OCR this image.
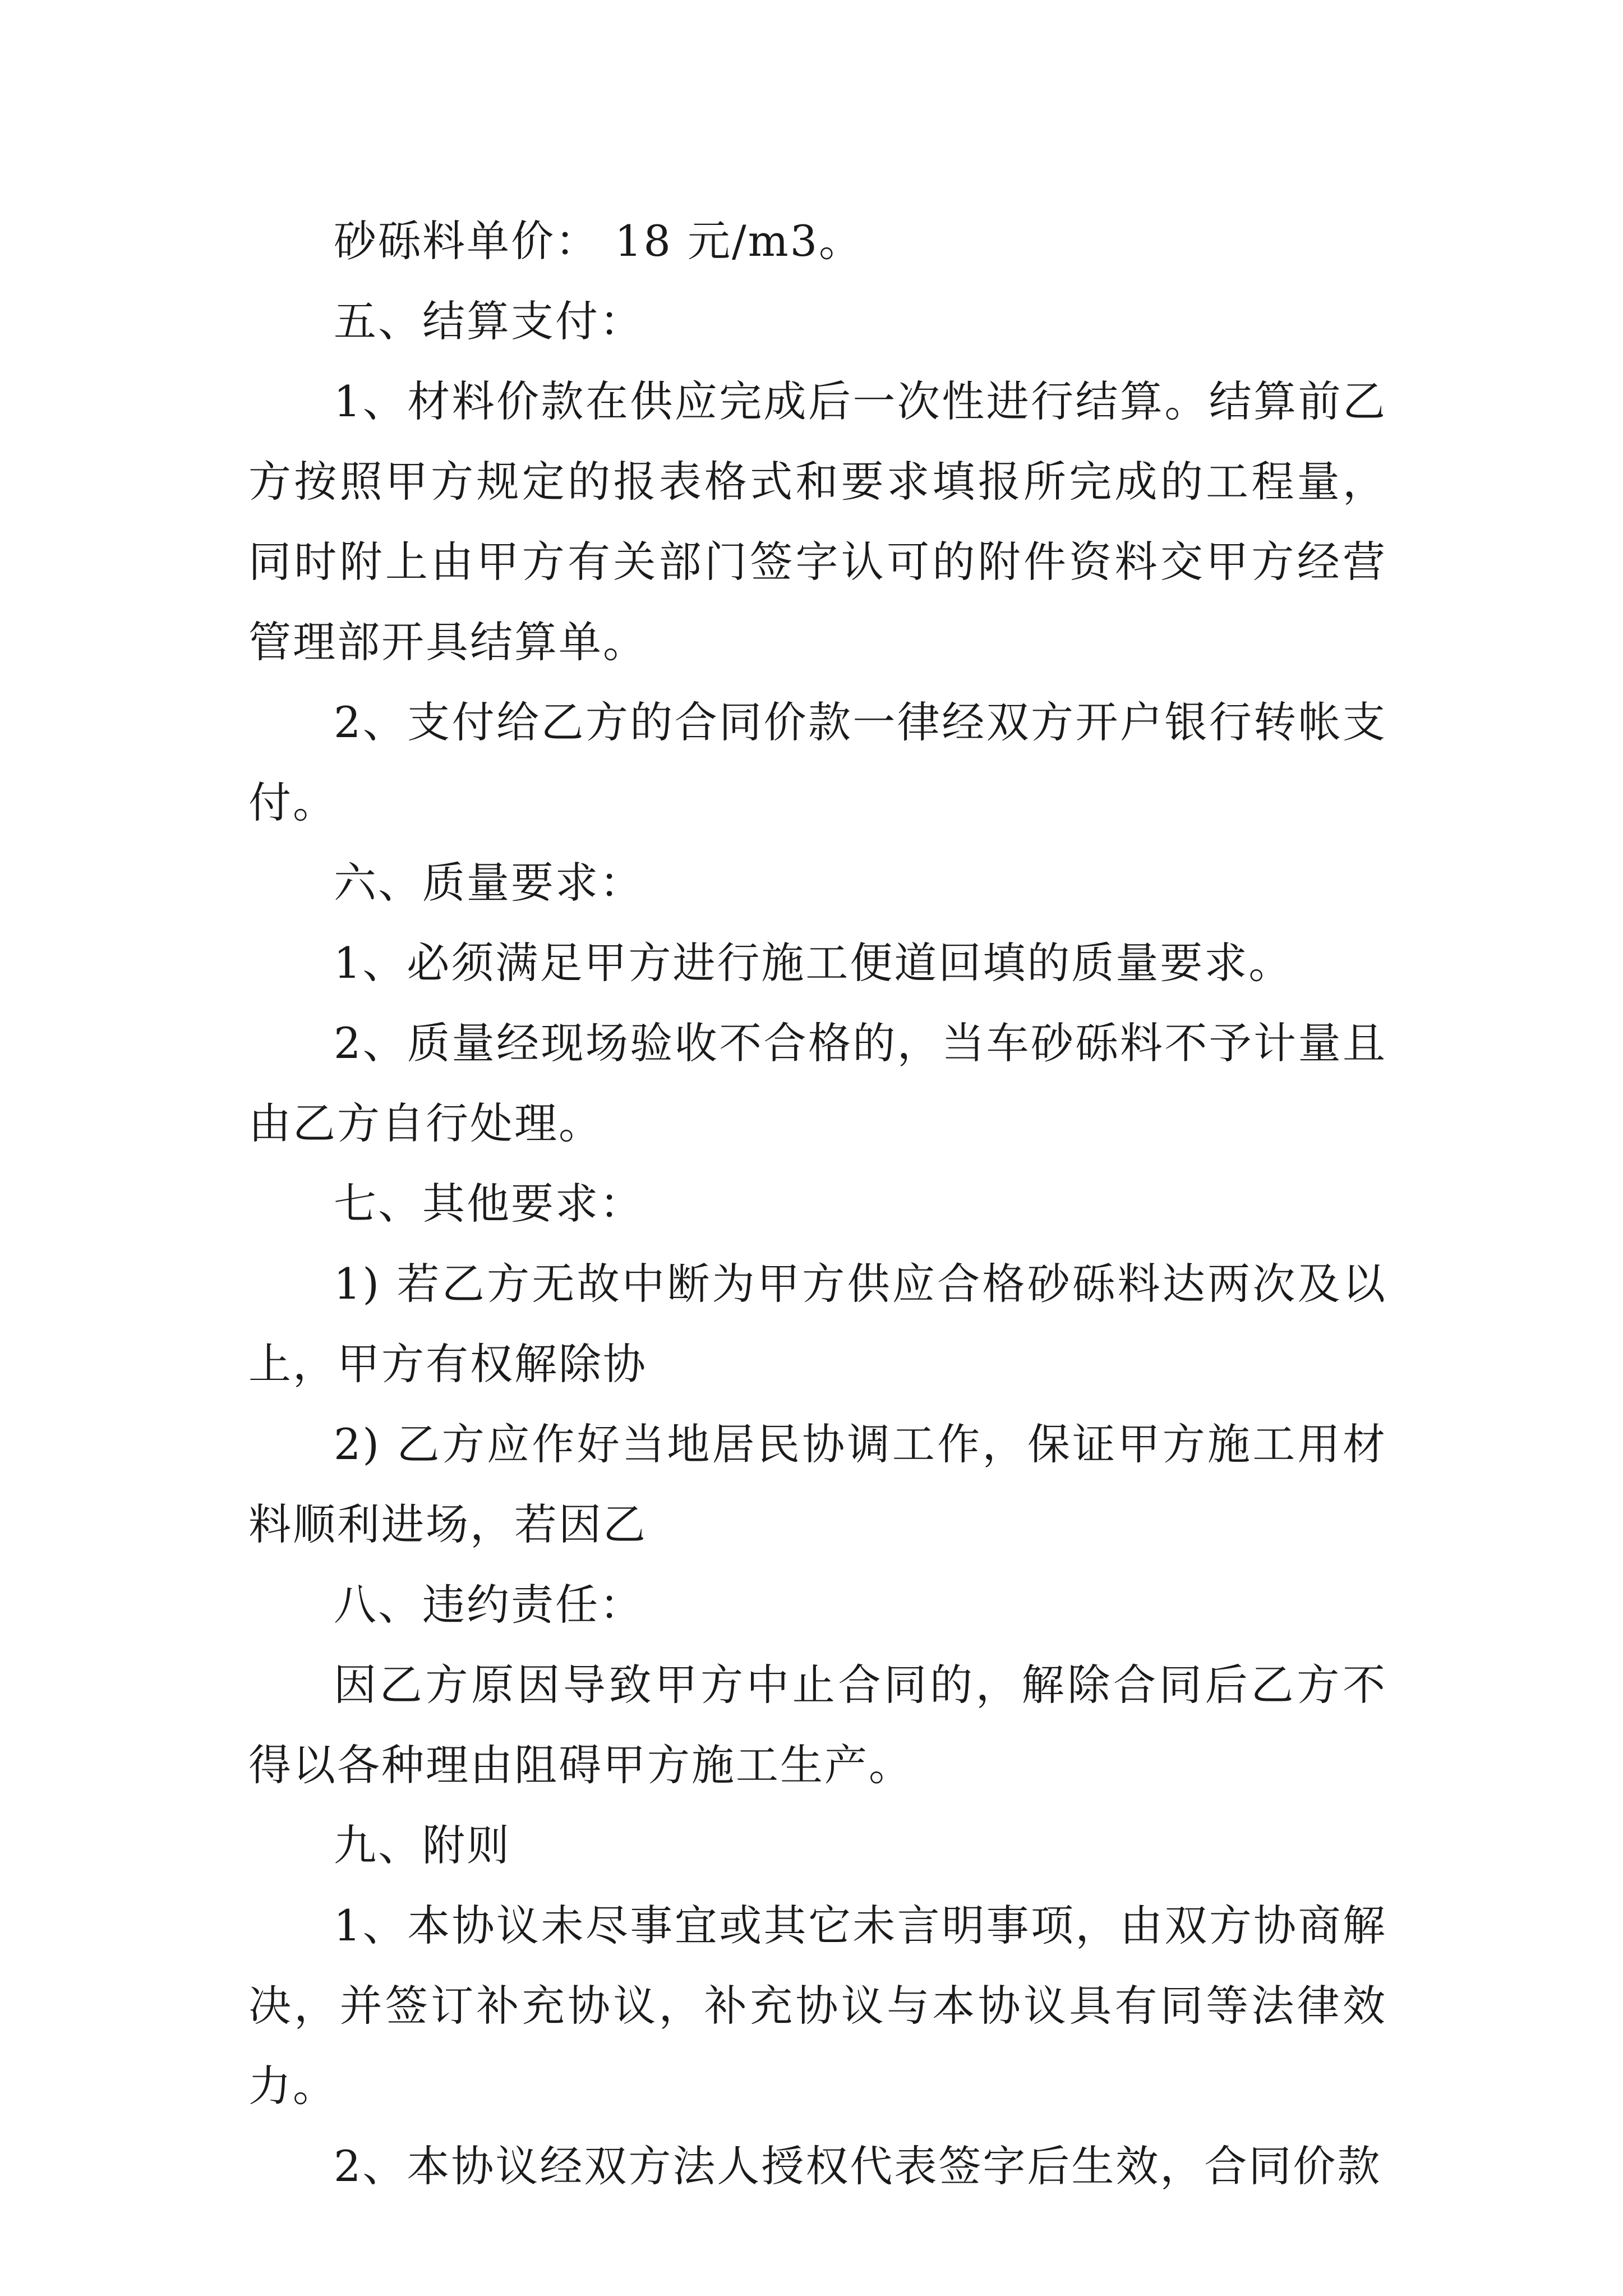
砂砾料单价： 18 元/m3。

五、结算支付：

1、材料价款在供应完成后一次性进行结算。结算前乙方按照甲方规定的报表格式和要求填报所完成的工程量，同时附上由甲方有关部门签字认可的附件资料交甲方经营管理部开具结算单。

2、支付给乙方的合同价款一律经双方开户银行转帐支付。

六、质量要求：

1、必须满足甲方进行施工便道回填的质量要求。

2、质量经现场验收不合格的，当车砂砾料不予计量且由乙方自行处理。

七、其他要求：

1) 若乙方无故中断为甲方供应合格砂砾料达两次及以上，甲方有权解除协

2) 乙方应作好当地居民协调工作，保证甲方施工用材料顺利进场，若因乙

八、违约责任：

因乙方原因导致甲方中止合同的，解除合同后乙方不得以各种理由阻碍甲方施工生产。

九、附则

1、本协议未尽事宜或其它未言明事项，由双方协商解决，并签订补充协议，补充协议与本协议具有同等法律效力。

2、本协议经双方法人授权代表签字后生效，合同价款
